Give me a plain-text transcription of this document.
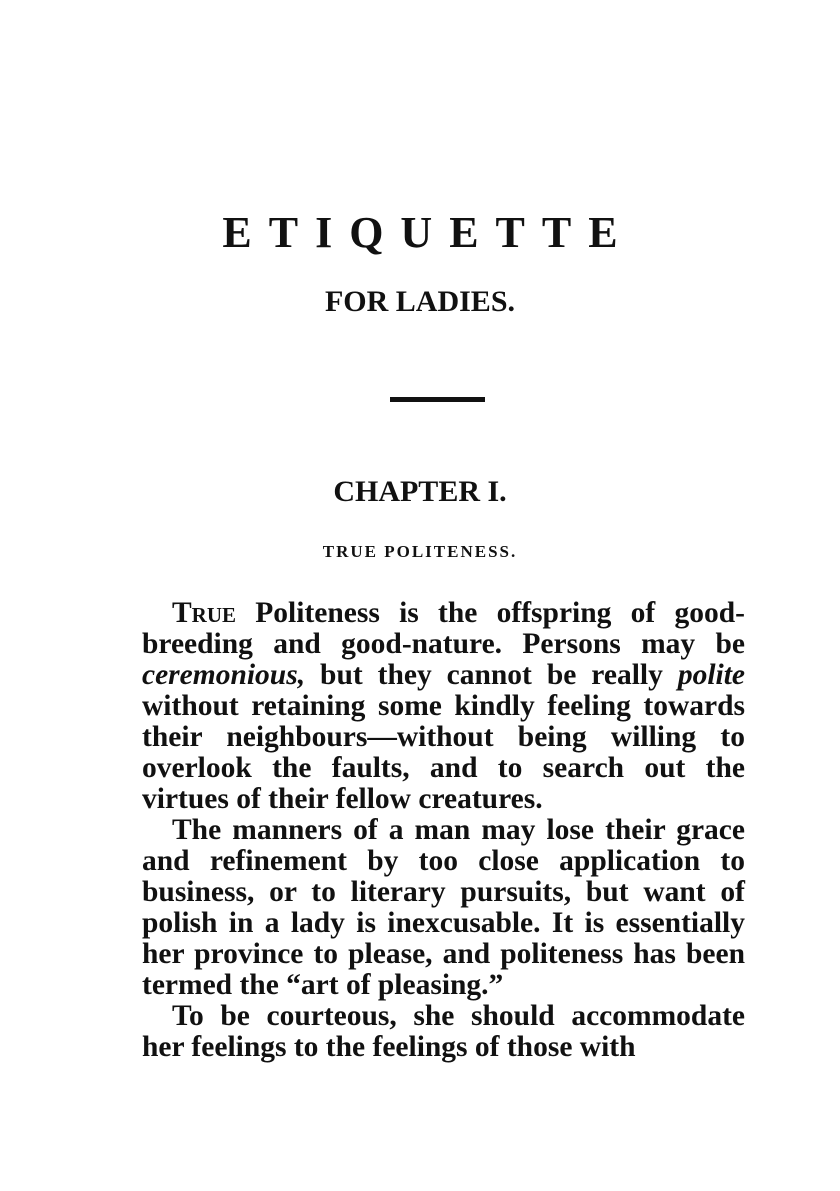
ETIQUETTE
FOR LADIES.
CHAPTER I.
TRUE POLITENESS.

True Politeness is the offspring of good-breeding and good-nature. Persons may be ceremonious, but they cannot be really polite without retaining some kindly feeling towards their neighbours—without being willing to overlook the faults, and to search out the virtues of their fellow creatures.

The manners of a man may lose their grace and refinement by too close application to business, or to literary pursuits, but want of polish in a lady is inexcusable. It is essentially her province to please, and politeness has been termed the “art of pleasing.”

To be courteous, she should accommodate her feelings to the feelings of those with
